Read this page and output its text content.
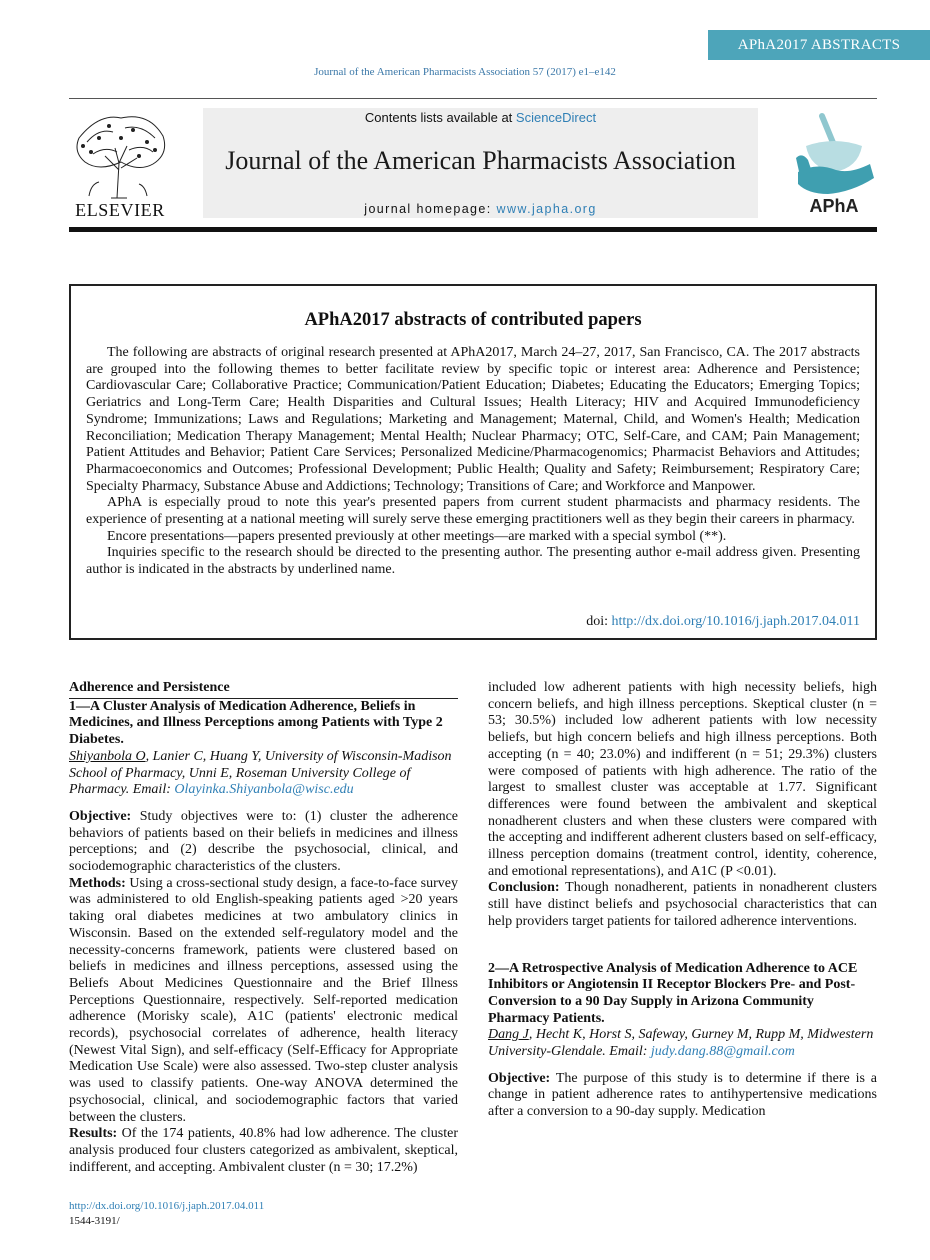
APhA2017 ABSTRACTS
Journal of the American Pharmacists Association 57 (2017) e1–e142
ELSEVIER
Contents lists available at ScienceDirect
Journal of the American Pharmacists Association
journal homepage: www.japha.org	APhA
APhA2017 abstracts of contributed papers

The following are abstracts of original research presented at APhA2017, March 24–27, 2017, San Francisco, CA. The 2017 abstracts are grouped into the following themes to better facilitate review by specific topic or interest area: Adherence and Persistence; Cardiovascular Care; Collaborative Practice; Communication/Patient Education; Diabetes; Educating the Educators; Emerging Topics; Geriatrics and Long-Term Care; Health Disparities and Cultural Issues; Health Literacy; HIV and Acquired Immunodeficiency Syndrome; Immunizations; Laws and Regulations; Marketing and Management; Maternal, Child, and Women's Health; Medication Reconciliation; Medication Therapy Management; Mental Health; Nuclear Pharmacy; OTC, Self-Care, and CAM; Pain Management; Patient Attitudes and Behavior; Patient Care Services; Personalized Medicine/Pharmacogenomics; Pharmacist Behaviors and Attitudes; Pharmacoeconomics and Outcomes; Professional Development; Public Health; Quality and Safety; Reimbursement; Respiratory Care; Specialty Pharmacy, Substance Abuse and Addictions; Technology; Transitions of Care; and Workforce and Manpower.

APhA is especially proud to note this year's presented papers from current student pharmacists and pharmacy residents. The experience of presenting at a national meeting will surely serve these emerging practitioners well as they begin their careers in pharmacy.

Encore presentations—papers presented previously at other meetings—are marked with a special symbol (**).

Inquiries specific to the research should be directed to the presenting author. The presenting author e-mail address given. Presenting author is indicated in the abstracts by underlined name.

doi: http://dx.doi.org/10.1016/j.japh.2017.04.011

Adherence and Persistence

1—A Cluster Analysis of Medication Adherence, Beliefs in Medicines, and Illness Perceptions among Patients with Type 2 Diabetes.

Shiyanbola O, Lanier C, Huang Y, University of Wisconsin-Madison School of Pharmacy, Unni E, Roseman University College of Pharmacy. Email: Olayinka.Shiyanbola@wisc.edu

Objective: Study objectives were to: (1) cluster the adherence behaviors of patients based on their beliefs in medicines and illness perceptions; and (2) describe the psychosocial, clinical, and sociodemographic characteristics of the clusters.

Methods: Using a cross-sectional study design, a face-to-face survey was administered to old English-speaking patients aged >20 years taking oral diabetes medicines at two ambulatory clinics in Wisconsin. Based on the extended self-regulatory model and the necessity-concerns framework, patients were clustered based on beliefs in medicines and illness perceptions, assessed using the Beliefs About Medicines Questionnaire and the Brief Illness Perceptions Questionnaire, respectively. Self-reported medication adherence (Morisky scale), A1C (patients' electronic medical records), psychosocial correlates of adherence, health literacy (Newest Vital Sign), and self-efficacy (Self-Efficacy for Appropriate Medication Use Scale) were also assessed. Two-step cluster analysis was used to classify patients. One-way ANOVA determined the psychosocial, clinical, and sociodemographic factors that varied between the clusters.

Results: Of the 174 patients, 40.8% had low adherence. The cluster analysis produced four clusters categorized as ambivalent, skeptical, indifferent, and accepting. Ambivalent cluster (n = 30; 17.2%)

included low adherent patients with high necessity beliefs, high concern beliefs, and high illness perceptions. Skeptical cluster (n = 53; 30.5%) included low adherent patients with low necessity beliefs, but high concern beliefs and high illness perceptions. Both accepting (n = 40; 23.0%) and indifferent (n = 51; 29.3%) clusters were composed of patients with high adherence. The ratio of the largest to smallest cluster was acceptable at 1.77. Significant differences were found between the ambivalent and skeptical nonadherent clusters and when these clusters were compared with the accepting and indifferent adherent clusters based on self-efficacy, illness perception domains (treatment control, identity, coherence, and emotional representations), and A1C (P <0.01).

Conclusion: Though nonadherent, patients in nonadherent clusters still have distinct beliefs and psychosocial characteristics that can help providers target patients for tailored adherence interventions.

2—A Retrospective Analysis of Medication Adherence to ACE Inhibitors or Angiotensin II Receptor Blockers Pre- and Post-Conversion to a 90 Day Supply in Arizona Community Pharmacy Patients.

Dang J, Hecht K, Horst S, Safeway, Gurney M, Rupp M, Midwestern University-Glendale. Email: judy.dang.88@gmail.com

Objective: The purpose of this study is to determine if there is a change in patient adherence rates to antihypertensive medications after a conversion to a 90-day supply. Medication

http://dx.doi.org/10.1016/j.japh.2017.04.011
1544-3191/
